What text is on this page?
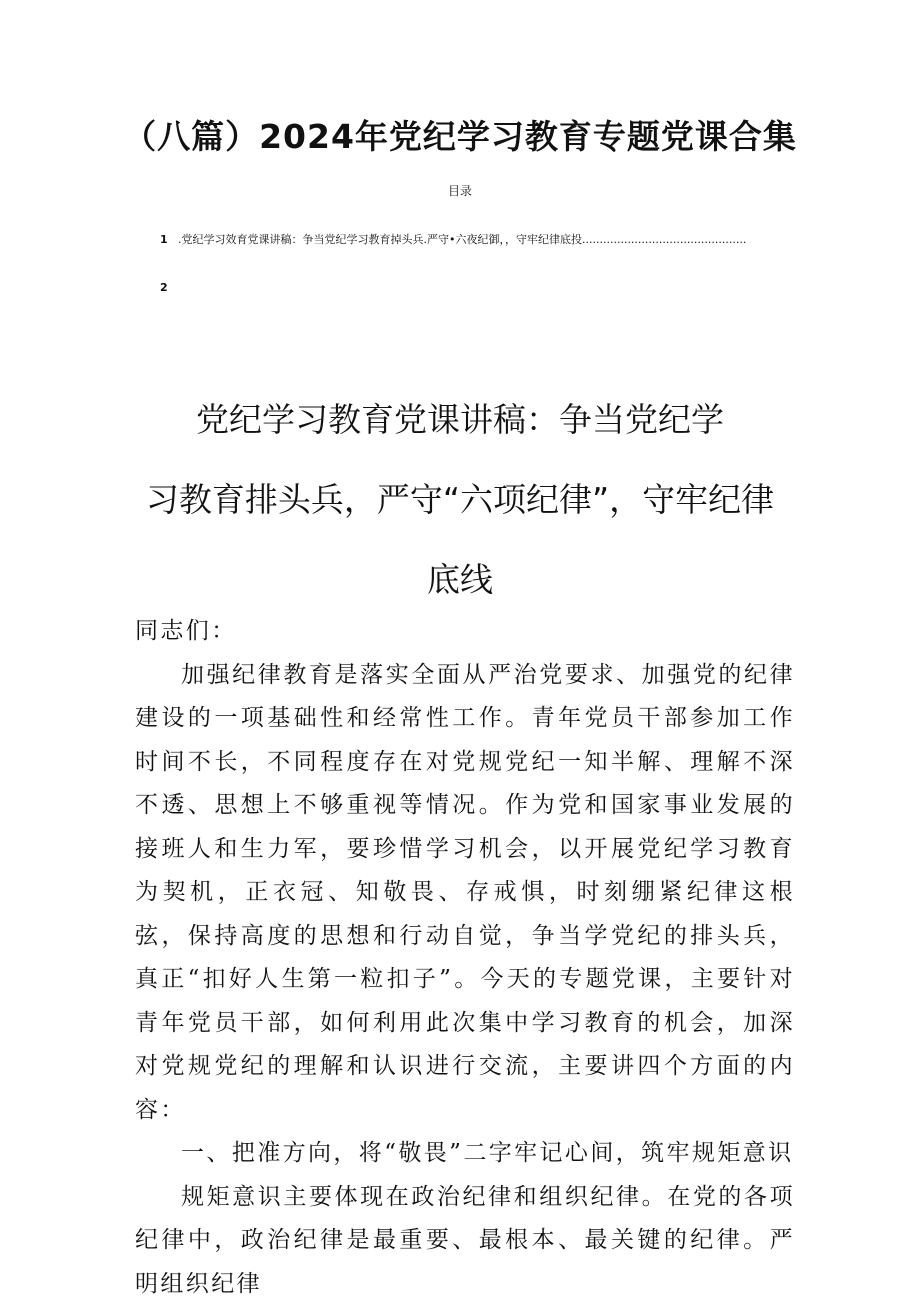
（八篇）2024年党纪学习教育专题党课合集
目录
1 .党纪学习效育党课讲稿：争当党纪学习教育掉头兵.严守•六夜纪御，，守牢纪律底投...............................................
2
党纪学习教育党课讲稿：争当党纪学
习教育排头兵，严守“六项纪律”，守牢纪律
底线

同志们：

加强纪律教育是落实全面从严治党要求、加强党的纪律建设的一项基础性和经常性工作。青年党员干部参加工作时间不长，不同程度存在对党规党纪一知半解、理解不深不透、思想上不够重视等情况。作为党和国家事业发展的接班人和生力军，要珍惜学习机会，以开展党纪学习教育为契机，正衣冠、知敬畏、存戒惧，时刻绷紧纪律这根弦，保持高度的思想和行动自觉，争当学党纪的排头兵，真正“扣好人生第一粒扣子”。今天的专题党课，主要针对青年党员干部，如何利用此次集中学习教育的机会，加深对党规党纪的理解和认识进行交流，主要讲四个方面的内容：

一、把准方向，将“敬畏”二字牢记心间，筑牢规矩意识

规矩意识主要体现在政治纪律和组织纪律。在党的各项纪律中，政治纪律是最重要、最根本、最关键的纪律。严明组织纪律
